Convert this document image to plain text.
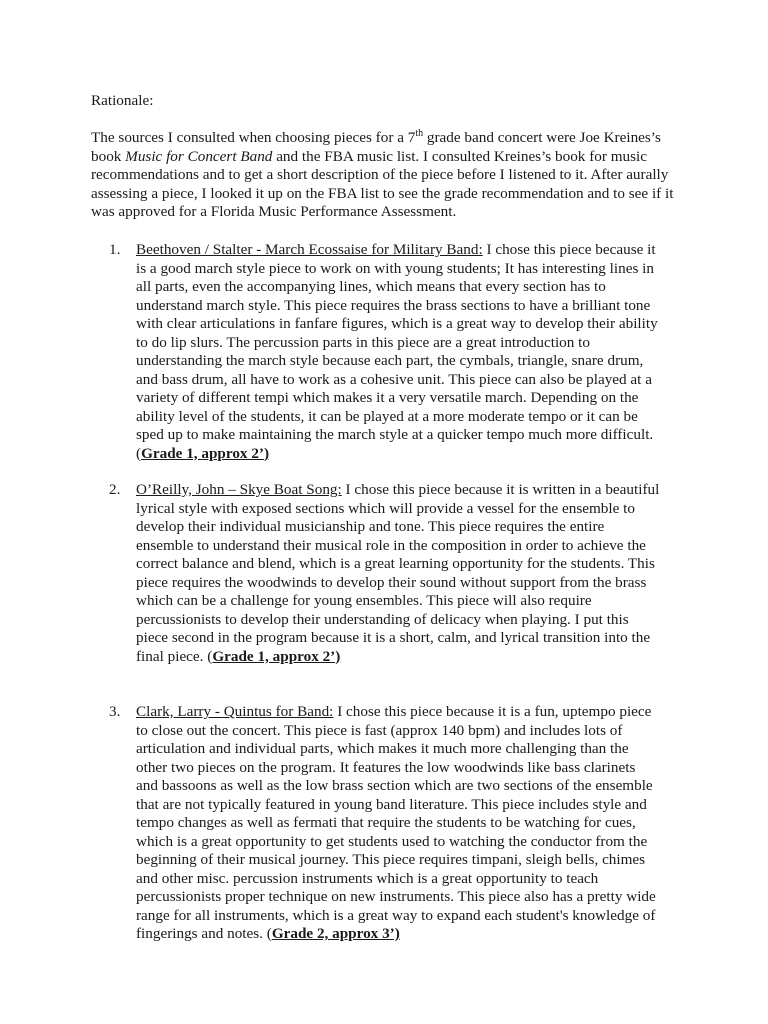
Rationale:

The sources I consulted when choosing pieces for a 7th grade band concert were Joe Kreines’s book Music for Concert Band and the FBA music list. I consulted Kreines’s book for music recommendations and to get a short description of the piece before I listened to it. After aurally assessing a piece, I looked it up on the FBA list to see the grade recommendation and to see if it was approved for a Florida Music Performance Assessment.

1. Beethoven / Stalter - March Ecossaise for Military Band: I chose this piece because it is a good march style piece to work on with young students; It has interesting lines in all parts, even the accompanying lines, which means that every section has to understand march style. This piece requires the brass sections to have a brilliant tone with clear articulations in fanfare figures, which is a great way to develop their ability to do lip slurs. The percussion parts in this piece are a great introduction to understanding the march style because each part, the cymbals, triangle, snare drum, and bass drum, all have to work as a cohesive unit. This piece can also be played at a variety of different tempi which makes it a very versatile march. Depending on the ability level of the students, it can be played at a more moderate tempo or it can be sped up to make maintaining the march style at a quicker tempo much more difficult. (Grade 1, approx 2’)

2. O’Reilly, John – Skye Boat Song: I chose this piece because it is written in a beautiful lyrical style with exposed sections which will provide a vessel for the ensemble to develop their individual musicianship and tone. This piece requires the entire ensemble to understand their musical role in the composition in order to achieve the correct balance and blend, which is a great learning opportunity for the students. This piece requires the woodwinds to develop their sound without support from the brass which can be a challenge for young ensembles. This piece will also require percussionists to develop their understanding of delicacy when playing. I put this piece second in the program because it is a short, calm, and lyrical transition into the final piece. (Grade 1, approx 2’)

3. Clark, Larry - Quintus for Band: I chose this piece because it is a fun, uptempo piece to close out the concert. This piece is fast (approx 140 bpm) and includes lots of articulation and individual parts, which makes it much more challenging than the other two pieces on the program. It features the low woodwinds like bass clarinets and bassoons as well as the low brass section which are two sections of the ensemble that are not typically featured in young band literature. This piece includes style and tempo changes as well as fermati that require the students to be watching for cues, which is a great opportunity to get students used to watching the conductor from the beginning of their musical journey. This piece requires timpani, sleigh bells, chimes and other misc. percussion instruments which is a great opportunity to teach percussionists proper technique on new instruments. This piece also has a pretty wide range for all instruments, which is a great way to expand each student's knowledge of fingerings and notes. (Grade 2, approx 3’)
